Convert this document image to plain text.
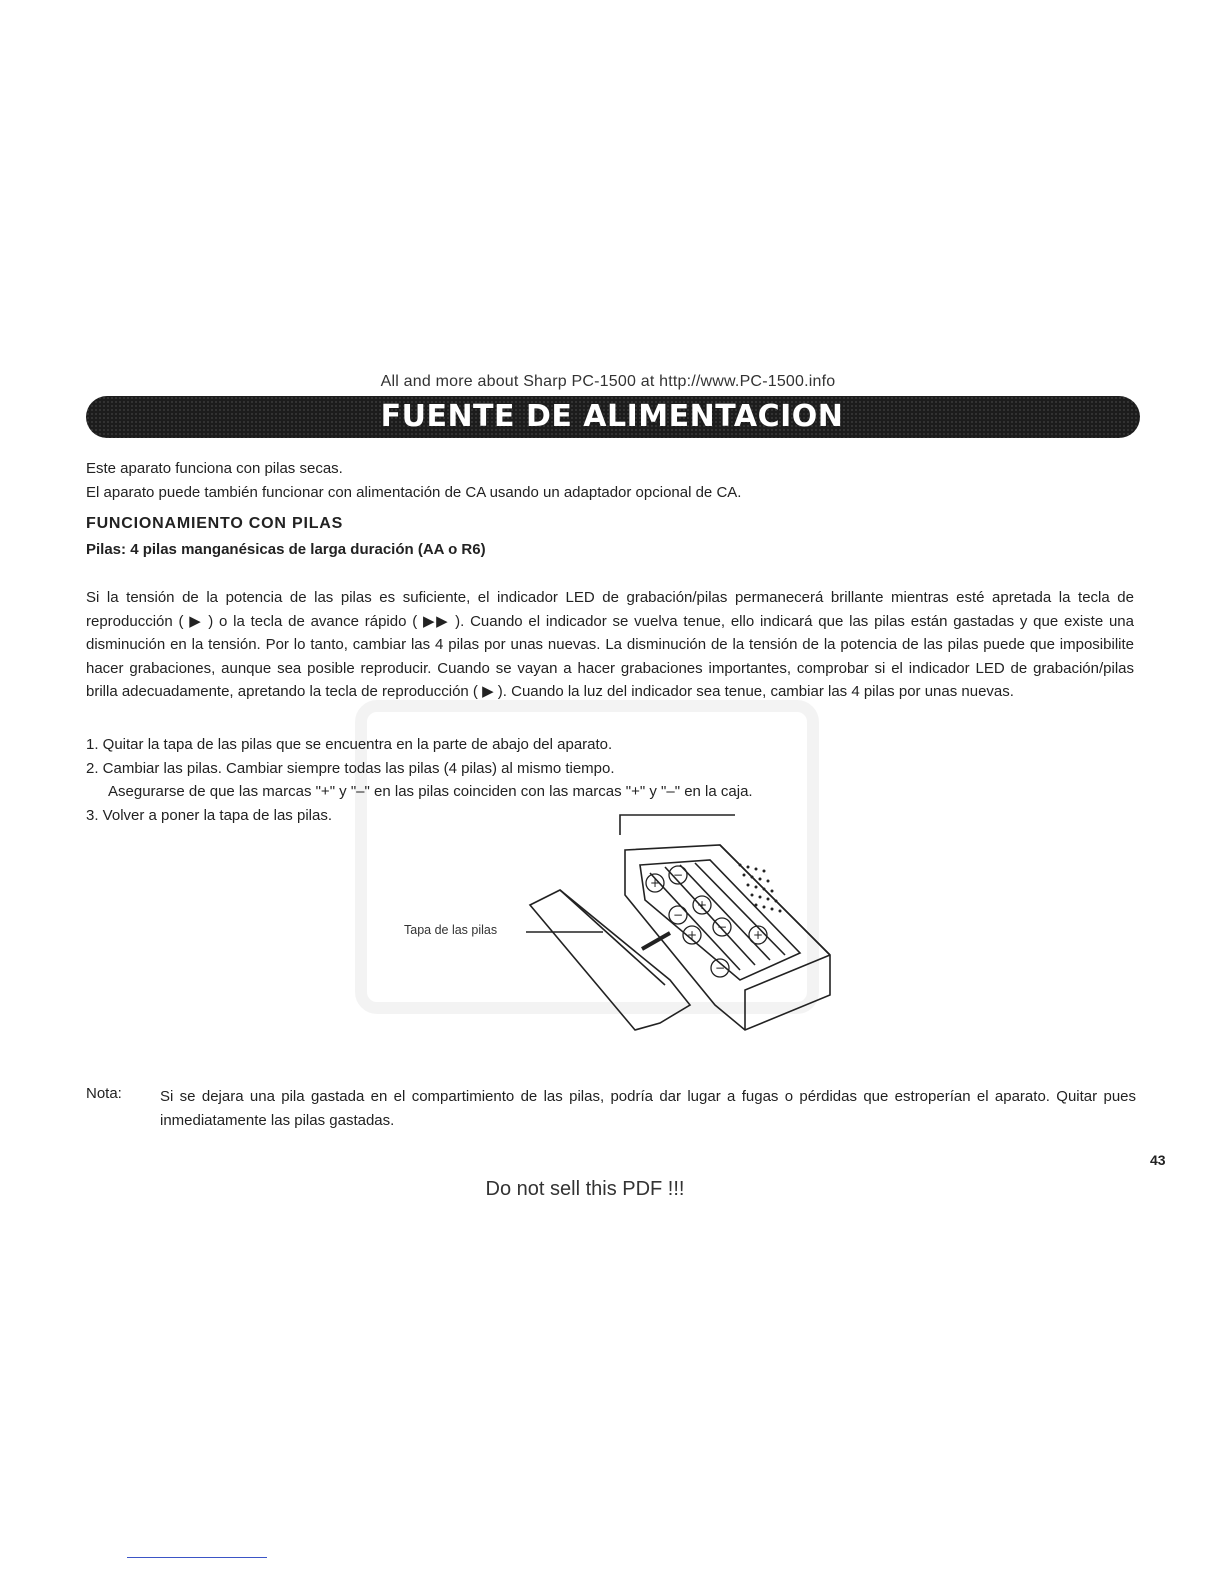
All and more about Sharp PC-1500 at http://www.PC-1500.info
FUENTE DE ALIMENTACION
Este aparato funciona con pilas secas.
El aparato puede también funcionar con alimentación de CA usando un adaptador opcional de CA.
FUNCIONAMIENTO CON PILAS
Pilas: 4 pilas manganésicas de larga duración (AA o R6)
Si la tensión de la potencia de las pilas es suficiente, el indicador LED de grabación/pilas permanecerá brillante mientras esté apretada la tecla de reproducción ( ▶ ) o la tecla de avance rápido ( ▶▶ ). Cuando el indicador se vuelva tenue, ello indicará que las pilas están gastadas y que existe una disminución en la tensión. Por lo tanto, cambiar las 4 pilas por unas nuevas. La disminución de la tensión de la potencia de las pilas puede que imposibilite hacer grabaciones, aunque sea posible reproducir. Cuando se vayan a hacer grabaciones importantes, comprobar si el indicador LED de grabación/pilas brilla adecuadamente, apretando la tecla de reproducción ( ▶ ). Cuando la luz del indicador sea tenue, cambiar las 4 pilas por unas nuevas.
1. Quitar la tapa de las pilas que se encuentra en la parte de abajo del aparato.
2. Cambiar las pilas. Cambiar siempre todas las pilas (4 pilas) al mismo tiempo.
Asegurarse de que las marcas "+" y "–" en las pilas coinciden con las marcas "+" y "–" en la caja.
3. Volver a poner la tapa de las pilas.
+
−
−
+
+
−
+
−
Tapa de las pilas
Nota:	Si se dejara una pila gastada en el compartimiento de las pilas, podría dar lugar a fugas o pérdidas que estroperían el aparato. Quitar pues inmediatamente las pilas gastadas.
43
Do not sell this PDF !!!
